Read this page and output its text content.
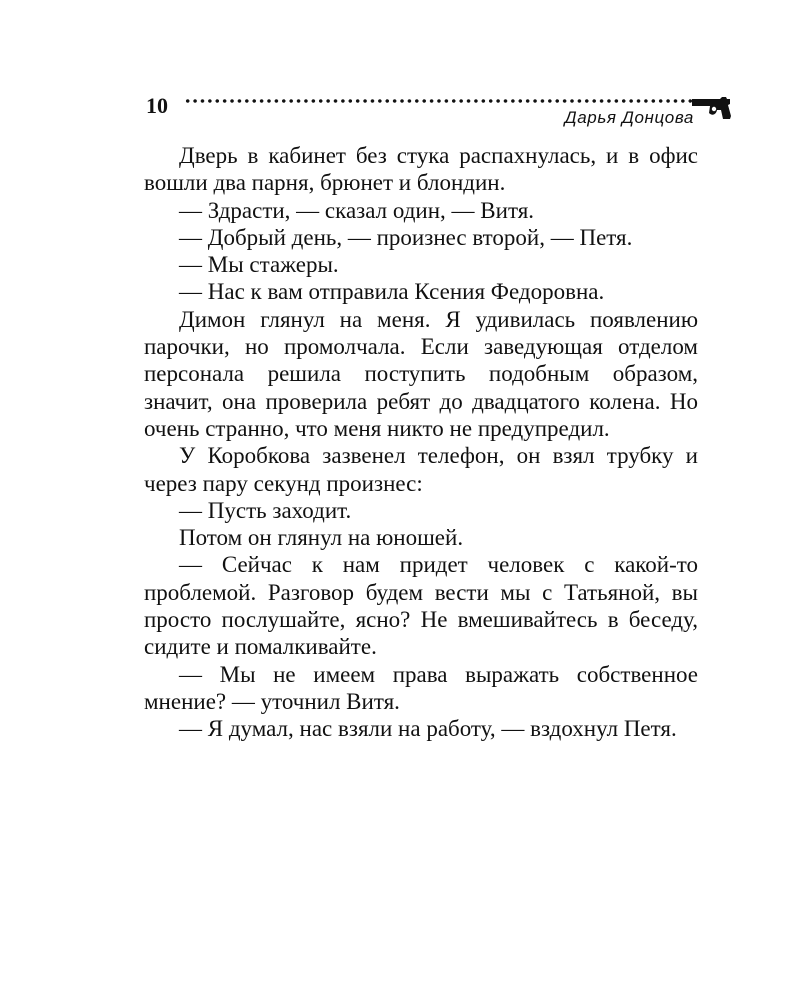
10	Дарья Донцова

Дверь в кабинет без стука распахнулась, и в офис вошли два парня, брюнет и блондин.

— Здрасти, — сказал один, — Витя.

— Добрый день, — произнес второй, — Петя.

— Мы стажеры.

— Нас к вам отправила Ксения Федоровна.

Димон глянул на меня. Я удивилась появлению парочки, но промолчала. Если заведующая отделом персонала решила поступить подобным образом, значит, она проверила ребят до двадцатого колена. Но очень странно, что меня никто не предупредил.

У Коробкова зазвенел телефон, он взял трубку и через пару секунд произнес:

— Пусть заходит.

Потом он глянул на юношей.

— Сейчас к нам придет человек с какой-то проблемой. Разговор будем вести мы с Татьяной, вы просто послушайте, ясно? Не вмешивайтесь в беседу, сидите и помалкивайте.

— Мы не имеем права выражать собственное мнение? — уточнил Витя.

— Я думал, нас взяли на работу, — вздохнул Петя.
